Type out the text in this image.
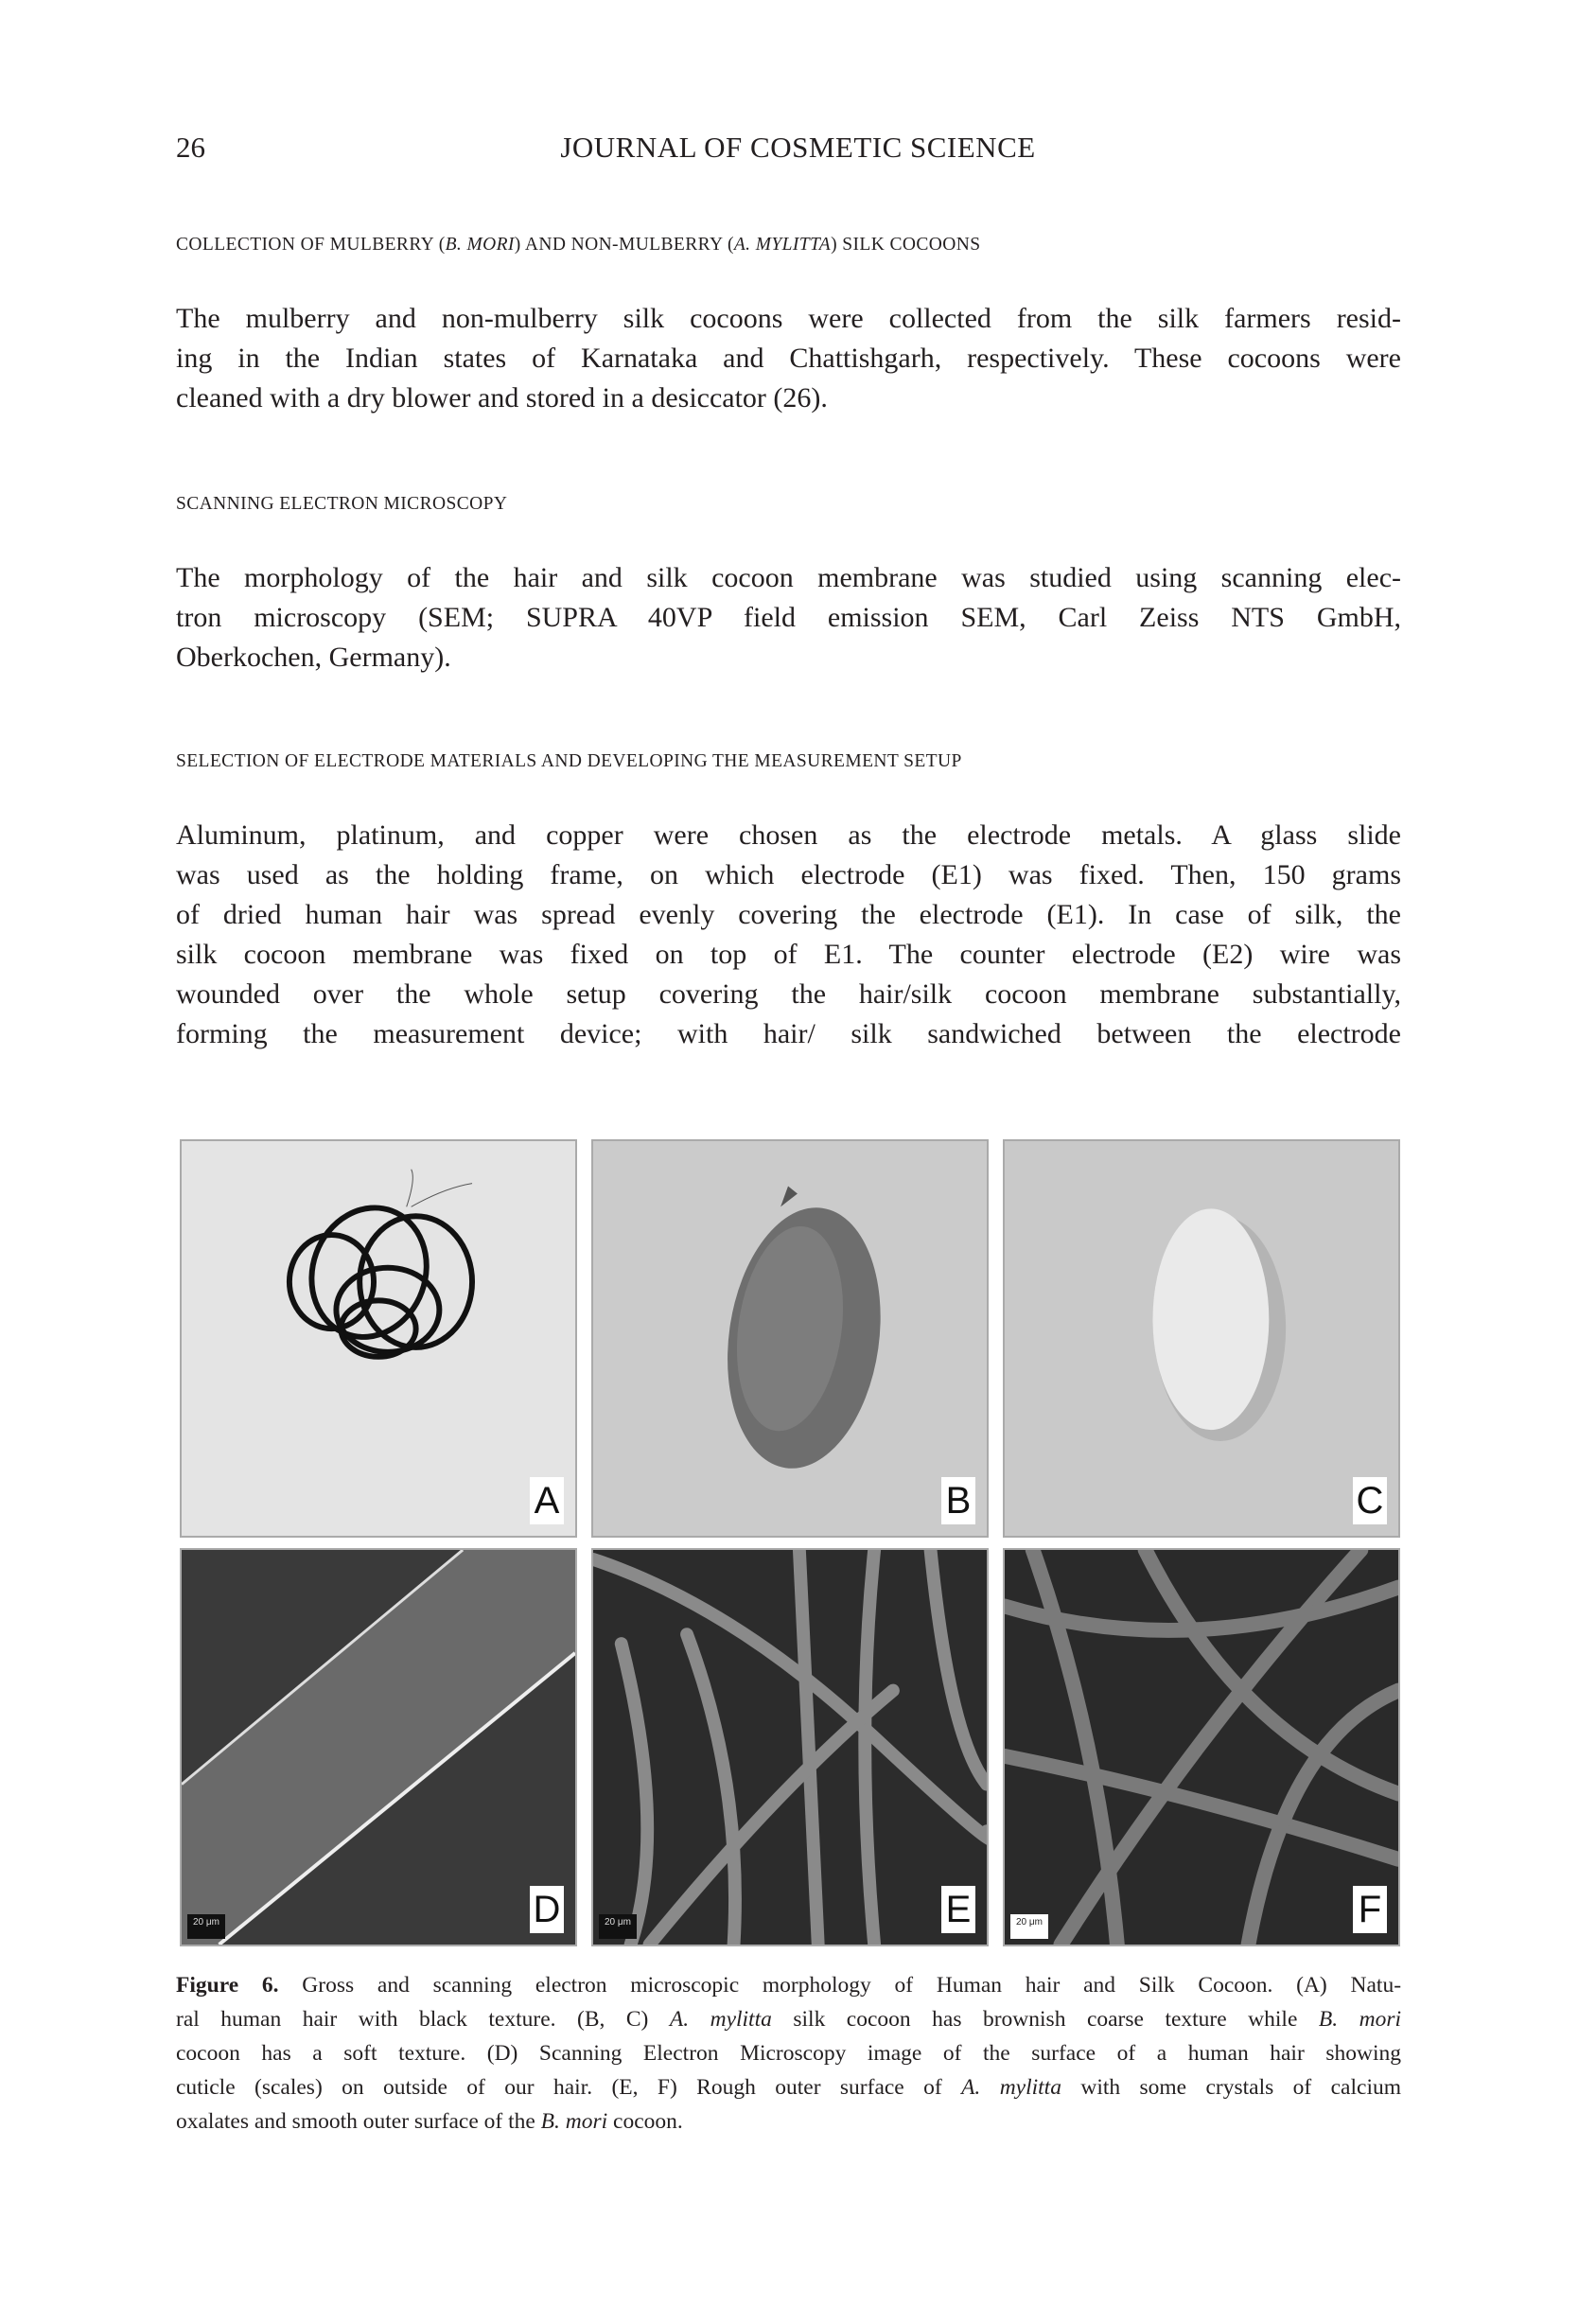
26	JOURNAL OF COSMETIC SCIENCE
COLLECTION OF MULBERRY (B. MORI) AND NON-MULBERRY (A. MYLITTA) SILK COCOONS
The mulberry and non-mulberry silk cocoons were collected from the silk farmers resid-
ing in the Indian states of Karnataka and Chattishgarh, respectively. These cocoons were
cleaned with a dry blower and stored in a desiccator (26).
SCANNING ELECTRON MICROSCOPY
The morphology of the hair and silk cocoon membrane was studied using scanning elec-
tron microscopy (SEM; SUPRA 40VP field emission SEM, Carl Zeiss NTS GmbH,
Oberkochen, Germany).
SELECTION OF ELECTRODE MATERIALS AND DEVELOPING THE MEASUREMENT SETUP
Aluminum, platinum, and copper were chosen as the electrode metals. A glass slide
was used as the holding frame, on which electrode (E1) was fixed. Then, 150 grams
of dried human hair was spread evenly covering the electrode (E1). In case of silk, the
silk cocoon membrane was fixed on top of E1. The counter electrode (E2) wire was
wounded over the whole setup covering the hair/silk cocoon membrane substantially,
forming the measurement device; with hair/ silk sandwiched between the electrode
A	B	C
20 μm	D	20 μm	E	20 μm	F
Figure 6. Gross and scanning electron microscopic morphology of Human hair and Silk Cocoon. (A) Natu-
ral human hair with black texture. (B, C) A. mylitta silk cocoon has brownish coarse texture while B. mori
cocoon has a soft texture. (D) Scanning Electron Microscopy image of the surface of a human hair showing
cuticle (scales) on outside of our hair. (E, F) Rough outer surface of A. mylitta with some crystals of calcium
oxalates and smooth outer surface of the B. mori cocoon.
